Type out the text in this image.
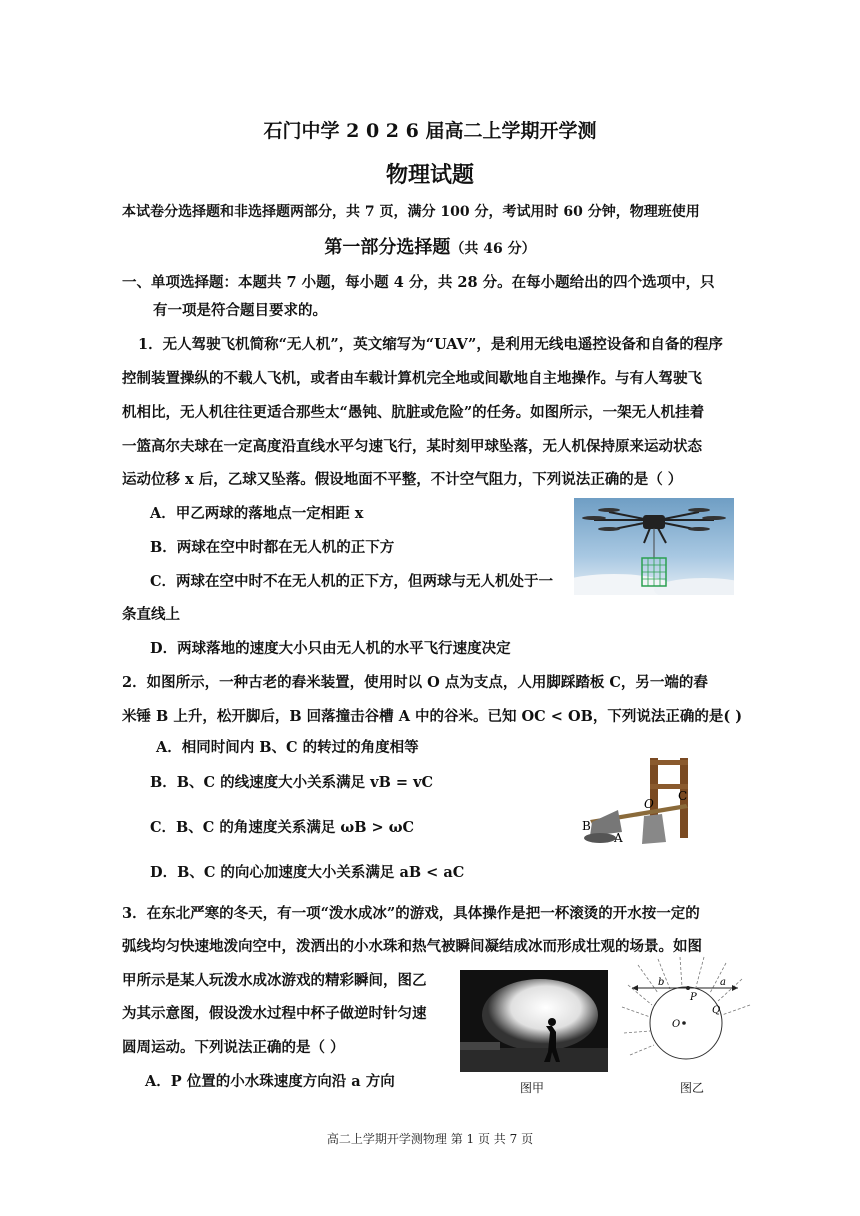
石门中学 2 0 2 6 届高二上学期开学测
物理试题
本试卷分选择题和非选择题两部分，共 7 页，满分 100 分，考试用时 60 分钟，物理班使用
第一部分选择题（共 46 分）
一、单项选择题：本题共 7 小题，每小题 4 分，共 28 分。在每小题给出的四个选项中，只
有一项是符合题目要求的。
1．无人驾驶飞机简称“无人机”，英文缩写为“UAV”，是利用无线电遥控设备和自备的程序
控制装置操纵的不载人飞机，或者由车载计算机完全地或间歇地自主地操作。与有人驾驶飞
机相比，无人机往往更适合那些太“愚钝、肮脏或危险”的任务。如图所示，一架无人机挂着
一篮高尔夫球在一定高度沿直线水平匀速飞行，某时刻甲球坠落，无人机保持原来运动状态
运动位移 x 后，乙球又坠落。假设地面不平整，不计空气阻力，下列说法正确的是（ ）
A．甲乙两球的落地点一定相距 x
B．两球在空中时都在无人机的正下方
C．两球在空中时不在无人机的正下方，但两球与无人机处于一
条直线上
D．两球落地的速度大小只由无人机的水平飞行速度决定
2．如图所示，一种古老的舂米装置，使用时以 O 点为支点，人用脚踩踏板 C，另一端的舂
米锤 B 上升，松开脚后，B 回落撞击谷槽 A 中的谷米。已知 OC < OB，下列说法正确的是( )
A．相同时间内 B、C 的转过的角度相等
B．B、C 的线速度大小关系满足 vB = vC
C．B、C 的角速度关系满足 ωB > ωC
D．B、C 的向心加速度大小关系满足 aB < aC
O
C
B
A
3．在东北严寒的冬天，有一项“泼水成冰”的游戏，具体操作是把一杯滚烫的开水按一定的
弧线均匀快速地泼向空中，泼洒出的小水珠和热气被瞬间凝结成冰而形成壮观的场景。如图
甲所示是某人玩泼水成冰游戏的精彩瞬间，图乙
为其示意图，假设泼水过程中杯子做逆时针匀速
圆周运动。下列说法正确的是（ ）
A．P 位置的小水珠速度方向沿 a 方向	图甲
b
P
a
Q
O
图乙
高二上学期开学测物理 第 1 页 共 7 页
